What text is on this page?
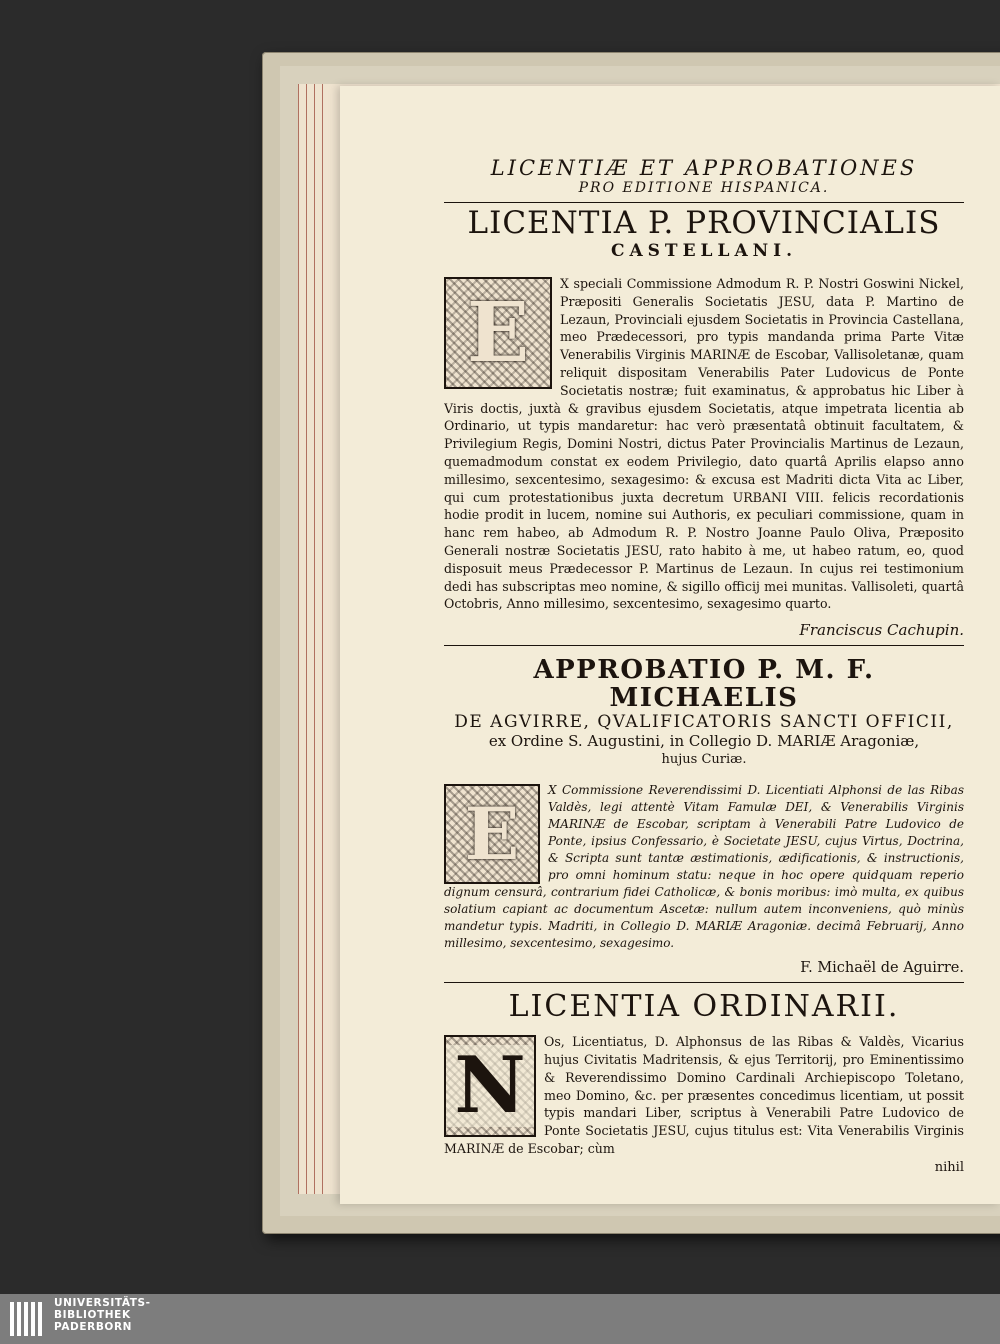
LICENTIÆ ET APPROBATIONES

PRO EDITIONE HISPANICA.

LICENTIA P. PROVINCIALIS

CASTELLANI.

E

X speciali Commissione Admodum R. P. Nostri Goswini Nickel, Præpositi Generalis Societatis JESU, data P. Martino de Lezaun, Provinciali ejusdem Societatis in Provincia Castellana, meo Prædecessori, pro typis mandanda prima Parte Vitæ Venerabilis Virginis MARINÆ de Escobar, Vallisoletanæ, quam reliquit dispositam Venerabilis Pater Ludovicus de Ponte Societatis nostræ; fuit examinatus, & approbatus hic Liber à Viris doctis, juxtà & gravibus ejusdem Societatis, atque impetrata licentia ab Ordinario, ut typis mandaretur: hac verò præsentatâ obtinuit facultatem, & Privilegium Regis, Domini Nostri, dictus Pater Provincialis Martinus de Lezaun, quemadmodum constat ex eodem Privilegio, dato quartâ Aprilis elapso anno millesimo, sexcentesimo, sexagesimo: & excusa est Madriti dicta Vita ac Liber, qui cum protestationibus juxta decretum URBANI VIII. felicis recordationis hodie prodit in lucem, nomine sui Authoris, ex peculiari commissione, quam in hanc rem habeo, ab Admodum R. P. Nostro Joanne Paulo Oliva, Præposito Generali nostræ Societatis JESU, rato habito à me, ut habeo ratum, eo, quod disposuit meus Prædecessor P. Martinus de Lezaun. In cujus rei testimonium dedi has subscriptas meo nomine, & sigillo officij mei munitas. Vallisoleti, quartâ Octobris, Anno millesimo, sexcentesimo, sexagesimo quarto.

Franciscus Cachupin.

APPROBATIO P. M. F. MICHAELIS

DE AGVIRRE, QVALIFICATORIS SANCTI OFFICII,

ex Ordine S. Augustini, in Collegio D. MARIÆ Aragoniæ,

hujus Curiæ.

E

X Commissione Reverendissimi D. Licentiati Alphonsi de las Ribas Valdès, legi attentè Vitam Famulæ DEI, & Venerabilis Virginis MARINÆ de Escobar, scriptam à Venerabili Patre Ludovico de Ponte, ipsius Confessario, è Societate JESU, cujus Virtus, Doctrina, & Scripta sunt tantæ æstimationis, ædificationis, & instructionis, pro omni hominum statu: neque in hoc opere quidquam reperio dignum censurâ, contrarium fidei Catholicæ, & bonis moribus: imò multa, ex quibus solatium capiant ac documentum Ascetæ: nullum autem inconveniens, quò minùs mandetur typis. Madriti, in Collegio D. MARIÆ Aragoniæ. decimâ Februarij, Anno millesimo, sexcentesimo, sexagesimo.

F. Michaël de Aguirre.

LICENTIA ORDINARII.

N	Os, Licentiatus, D. Alphonsus de las Ribas & Valdès, Vicarius hujus Civitatis Madritensis, & ejus Territorij, pro Eminentissimo & Reverendissimo Domino Cardinali Archiepiscopo Toletano, meo Domino, &c. per præsentes concedimus licentiam, ut possit typis mandari Liber, scriptus à Venerabili Patre Ludovico de Ponte Societatis JESU, cujus titulus est: Vita Venerabilis Virginis MARINÆ de Escobar; cùm

nihil

UNIVERSITÄTS-
BIBLIOTHEK
PADERBORN
